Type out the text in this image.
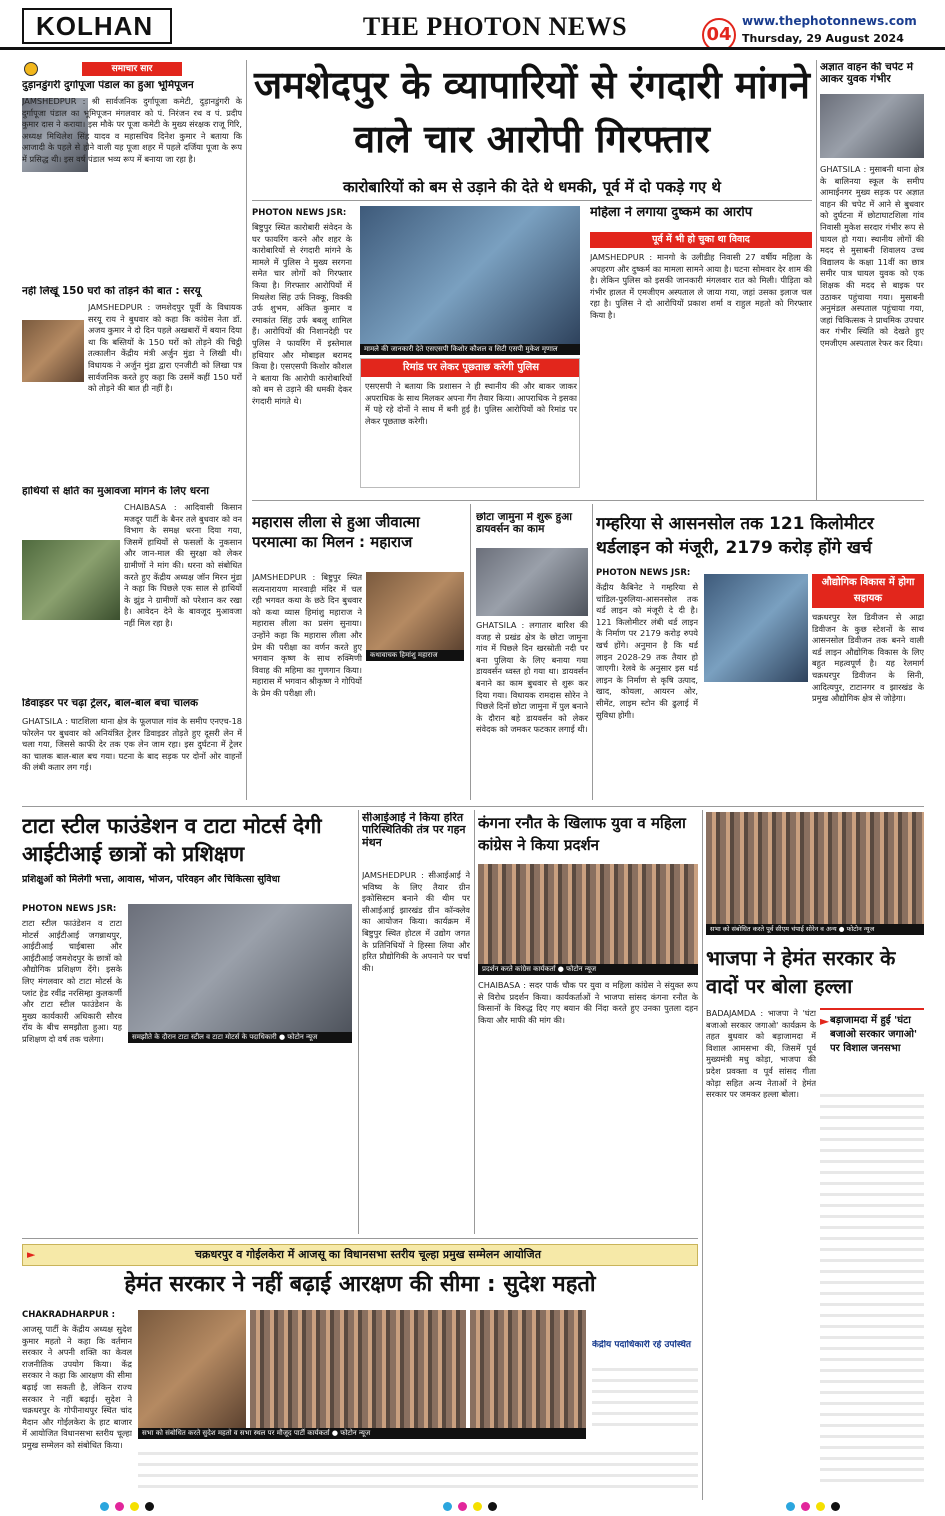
KOLHAN	THE PHOTON NEWS	04
www.thephotonnews.com
Thursday, 29 August 2024
समाचार सार
दुड़ानडुंगरी दुर्गापूजा पंडाल का हुआ भूमिपूजन
JAMSHEDPUR : श्री सार्वजनिक दुर्गापूजा कमेटी, दुड़ानडुंगरी के दुर्गापूजा पंडाल का भूमिपूजन मंगलवार को पं. निरंजन रथ व पं. प्रदीप कुमार दास ने कराया। इस मौके पर पूजा कमेटी के मुख्य संरक्षक राजू गिरि, अध्यक्ष मिथिलेश सिंह यादव व महासचिव दिनेश कुमार ने बताया कि आजादी के पहले से होने वाली यह पूजा शहर में पहले दर्जिया पूजा के रूप में प्रसिद्ध थी। इस वर्ष पंडाल भव्य रूप में बनाया जा रहा है।
नहीं लिखूं 150 घरों को तोड़ने की बात : सरयू
JAMSHEDPUR : जमशेदपुर पूर्वी के विधायक सरयू राय ने बुधवार को कहा कि कांग्रेस नेता डॉ. अजय कुमार ने दो दिन पहले अखबारों में बयान दिया था कि बस्तियों के 150 घरों को तोड़ने की चिट्ठी तत्कालीन केंद्रीय मंत्री अर्जुन मुंडा ने लिखी थी। विधायक ने अर्जुन मुंडा द्वारा एनजीटी को लिखा पत्र सार्वजनिक करते हुए कहा कि उसमें कहीं 150 घरों को तोड़ने की बात ही नहीं है।
हाथियों से क्षति का मुआवजा मांगने के लिए धरना
CHAIBASA : आदिवासी किसान मजदूर पार्टी के बैनर तले बुधवार को वन विभाग के समक्ष धरना दिया गया, जिसमें हाथियों से फसलों के नुकसान और जान-माल की सुरक्षा को लेकर ग्रामीणों ने मांग की। धरना को संबोधित करते हुए केंद्रीय अध्यक्ष जॉन मिरन मुंडा ने कहा कि पिछले एक साल से हाथियों के झुंड ने ग्रामीणों को परेशान कर रखा है। आवेदन देने के बावजूद मुआवजा नहीं मिल रहा है।
डिवाइडर पर चढ़ा ट्रेलर, बाल-बाल बचा चालक
GHATSILA : घाटशिला थाना क्षेत्र के फूलपाल गांव के समीप एनएच-18 फोरलेन पर बुधवार को अनियंत्रित ट्रेलर डिवाइडर तोड़ते हुए दूसरी लेन में चला गया, जिससे काफी देर तक एक लेन जाम रहा। इस दुर्घटना में ट्रेलर का चालक बाल-बाल बच गया। घटना के बाद सड़क पर दोनों ओर वाहनों की लंबी कतार लग गई।
जमशेदपुर के व्यापारियों से रंगदारी मांगने वाले चार आरोपी गिरफ्तार
कारोबारियों को बम से उड़ाने की देते थे धमकी, पूर्व में दो पकड़े गए थे
PHOTON NEWS JSR:
बिष्टुपुर स्थित कारोबारी संवेदन के घर फायरिंग करने और शहर के कारोबारियों से रंगदारी मांगने के मामले में पुलिस ने मुख्य सरगना समेत चार लोगों को गिरफ्तार किया है। गिरफ्तार आरोपियों में मिथलेश सिंह उर्फ निक्कू, विक्की उर्फ शुभम, अंकित कुमार व रमाकांत सिंह उर्फ बबलू शामिल हैं। आरोपियों की निशानदेही पर पुलिस ने फायरिंग में इस्तेमाल हथियार और मोबाइल बरामद किया है। एसएसपी किशोर कौशल ने बताया कि आरोपी कारोबारियों को बम से उड़ाने की धमकी देकर रंगदारी मांगते थे।
मामले की जानकारी देते एसएसपी किशोर कौशल व सिटी एसपी मुकेश मृणाल
रिमांड पर लेकर पूछताछ करेगी पुलिस
एसएसपी ने बताया कि प्रशासन ने ही स्थानीय की और बाकर जाकर अपराधिक के साथ मिलकर अपना गैंग तैयार किया। आपराधिक ने इसका में पहे रहे दोनों ने साथ में बनी हुई है। पुलिस आरोपियों को रिमांड पर लेकर पूछताछ करेगी।
महिला ने लगाया दुष्कर्म का आरोप
पूर्व में भी हो चुका था विवाद
JAMSHEDPUR : मानगो के उलीडीह निवासी 27 वर्षीय महिला के अपहरण और दुष्कर्म का मामला सामने आया है। घटना सोमवार देर शाम की है। लेकिन पुलिस को इसकी जानकारी मंगलवार रात को मिली। पीड़िता को गंभीर हालत में एमजीएम अस्पताल ले जाया गया, जहां उसका इलाज चल रहा है। पुलिस ने दो आरोपियों प्रकाश शर्मा व राहुल महतो को गिरफ्तार किया है।
अज्ञात वाहन की चपेट में आकर युवक गंभीर
GHATSILA : मुसाबनी थाना क्षेत्र के बालिनया स्कूल के समीप आमाईनगर मुख्य सड़क पर अज्ञात वाहन की चपेट में आने से बुधवार को दुर्घटना में छोटाघाटशिला गांव निवासी मुकेश सरदार गंभीर रूप से घायल हो गया। स्थानीय लोगों की मदद से मुसाबनी शिवालय उच्च विद्यालय के कक्षा 11वीं का छात्र समीर पात्र घायल युवक को एक शिक्षक की मदद से बाइक पर उठाकर पहुंचाया गया। मुसाबनी अनुमंडल अस्पताल पहुंचाया गया, जहां चिकित्सक ने प्राथमिक उपचार कर गंभीर स्थिति को देखते हुए एमजीएम अस्पताल रेफर कर दिया।
महारास लीला से हुआ जीवात्मा परमात्मा का मिलन : महाराज
JAMSHEDPUR : बिष्टुपुर स्थित सत्यनारायण मारवाड़ी मंदिर में चल रही भगवत कथा के छठे दिन बुधवार को कथा व्यास हिमांशु महाराज ने महारास लीला का प्रसंग सुनाया। उन्होंने कहा कि महारास लीला और प्रेम की परीक्षा का वर्णन करते हुए भगवान कृष्ण के साथ रुक्मिणी विवाह की महिमा का गुणगान किया। महारास में भगवान श्रीकृष्ण ने गोपियों के प्रेम की परीक्षा ली।
कथावाचक हिमांशु महाराज
छोटा जामुना में शुरू हुआ डायवर्सन का काम
GHATSILA : लगातार बारिश की वजह से प्रखंड क्षेत्र के छोटा जामुना गांव में पिछले दिन खरस्रोती नदी पर बना पुलिया के लिए बनाया गया डायवर्सन ध्वस्त हो गया था। डायवर्सन बनाने का काम बुधवार से शुरू कर दिया गया। विधायक रामदास सोरेन ने पिछले दिनों छोटा जामुना में पुल बनाने के दौरान बहे डायवर्सन को लेकर संवेदक को जमकर फटकार लगाई थी।
गम्हरिया से आसनसोल तक 121 किलोमीटर थर्डलाइन को मंजूरी, 2179 करोड़ होंगे खर्च
PHOTON NEWS JSR:
केंद्रीय कैबिनेट ने गम्हरिया से चांडिल-पुरुलिया-आसनसोल तक थर्ड लाइन को मंजूरी दे दी है। 121 किलोमीटर लंबी थर्ड लाइन के निर्माण पर 2179 करोड़ रुपये खर्च होंगे। अनुमान है कि थर्ड लाइन 2028-29 तक तैयार हो जाएगी। रेलवे के अनुसार इस थर्ड लाइन के निर्माण से कृषि उत्पाद, खाद, कोयला, आयरन ओर, सीमेंट, लाइम स्टोन की ढुलाई में सुविधा होगी।
औद्योगिक विकास में होगा सहायक
चक्रधरपुर रेल डिवीजन से आद्रा डिवीजन के कुछ स्टेशनों के साथ आसनसोल डिवीजन तक बनने वाली थर्ड लाइन औद्योगिक विकास के लिए बहुत महत्वपूर्ण है। यह रेलमार्ग चक्रधरपुर डिवीजन के सिनी, आदित्यपुर, टाटानगर व झारखंड के प्रमुख औद्योगिक क्षेत्र से जोड़ेगा।
टाटा स्टील फाउंडेशन व टाटा मोटर्स देगी आईटीआई छात्रों को प्रशिक्षण
प्रशिक्षुओं को मिलेगी भत्ता, आवास, भोजन, परिवहन और चिकित्सा सुविधा
PHOTON NEWS JSR:
टाटा स्टील फाउंडेशन व टाटा मोटर्स आईटीआई जगन्नाथपुर, आईटीआई चाईबासा और आईटीआई जमशेदपुर के छात्रों को औद्योगिक प्रशिक्षण देंगे। इसके लिए मंगलवार को टाटा मोटर्स के प्लांट हेड रवींद्र नरसिम्हा कुलकर्णी और टाटा स्टील फाउंडेशन के मुख्य कार्यकारी अधिकारी सौरव रॉय के बीच समझौता हुआ। यह प्रशिक्षण दो वर्ष तक चलेगा।	समझौते के दौरान टाटा स्टील व टाटा मोटर्स के पदाधिकारी ● फोटोन न्यूज
सीआईआई ने किया हरित पारिस्थितिकी तंत्र पर गहन मंथन
JAMSHEDPUR : सीआईआई ने भविष्य के लिए तैयार ग्रीन इकोसिस्टम बनाने की थीम पर सीआईआई झारखंड ग्रीन कॉन्क्लेव का आयोजन किया। कार्यक्रम में बिष्टुपुर स्थित होटल में उद्योग जगत के प्रतिनिधियों ने हिस्सा लिया और हरित प्रौद्योगिकी के अपनाने पर चर्चा की।
कंगना रनौत के खिलाफ युवा व महिला कांग्रेस ने किया प्रदर्शन
प्रदर्शन करते कांग्रेस कार्यकर्ता ● फोटोन न्यूज
CHAIBASA : सदर पार्क चौक पर युवा व महिला कांग्रेस ने संयुक्त रूप से विरोध प्रदर्शन किया। कार्यकर्ताओं ने भाजपा सांसद कंगना रनौत के किसानों के विरुद्ध दिए गए बयान की निंदा करते हुए उनका पुतला दहन किया और माफी की मांग की।
सभा को संबोधित करते पूर्व सीएम चंपाई सोरेन व अन्य ● फोटोन न्यूज
भाजपा ने हेमंत सरकार के वादों पर बोला हल्ला
BADAJAMDA : भाजपा ने 'घंटा बजाओ सरकार जगाओ' कार्यक्रम के तहत बुधवार को बड़ाजामदा में विशाल आमसभा की, जिसमें पूर्व मुख्यमंत्री मधु कोड़ा, भाजपा की प्रदेश प्रवक्ता व पूर्व सांसद गीता कोड़ा सहित अन्य नेताओं ने हेमंत सरकार पर जमकर हल्ला बोला।
► बड़ाजामदा में हुई 'घंटा बजाओ सरकार जगाओ' पर विशाल जनसभा
►	चक्रधरपुर व गोईलकेरा में आजसू का विधानसभा स्तरीय चूल्हा प्रमुख सम्मेलन आयोजित
हेमंत सरकार ने नहीं बढ़ाई आरक्षण की सीमा : सुदेश महतो
CHAKRADHARPUR :
आजसू पार्टी के केंद्रीय अध्यक्ष सुदेश कुमार महतो ने कहा कि वर्तमान सरकार ने अपनी शक्ति का केवल राजनीतिक उपयोग किया। केंद्र सरकार ने कहा कि आरक्षण की सीमा बढ़ाई जा सकती है, लेकिन राज्य सरकार ने नहीं बढ़ाई। सुदेश ने चक्रधरपुर के गोपीनाथपुर स्थित चांद मैदान और गोईलकेरा के हाट बाजार में आयोजित विधानसभा स्तरीय चूल्हा प्रमुख सम्मेलन को संबोधित किया।
सभा को संबोधित करते सुदेश महतो व सभा स्थल पर मौजूद पार्टी कार्यकर्ता ● फोटोन न्यूज
केंद्रीय पदाधिकारी रहे उपस्थित
